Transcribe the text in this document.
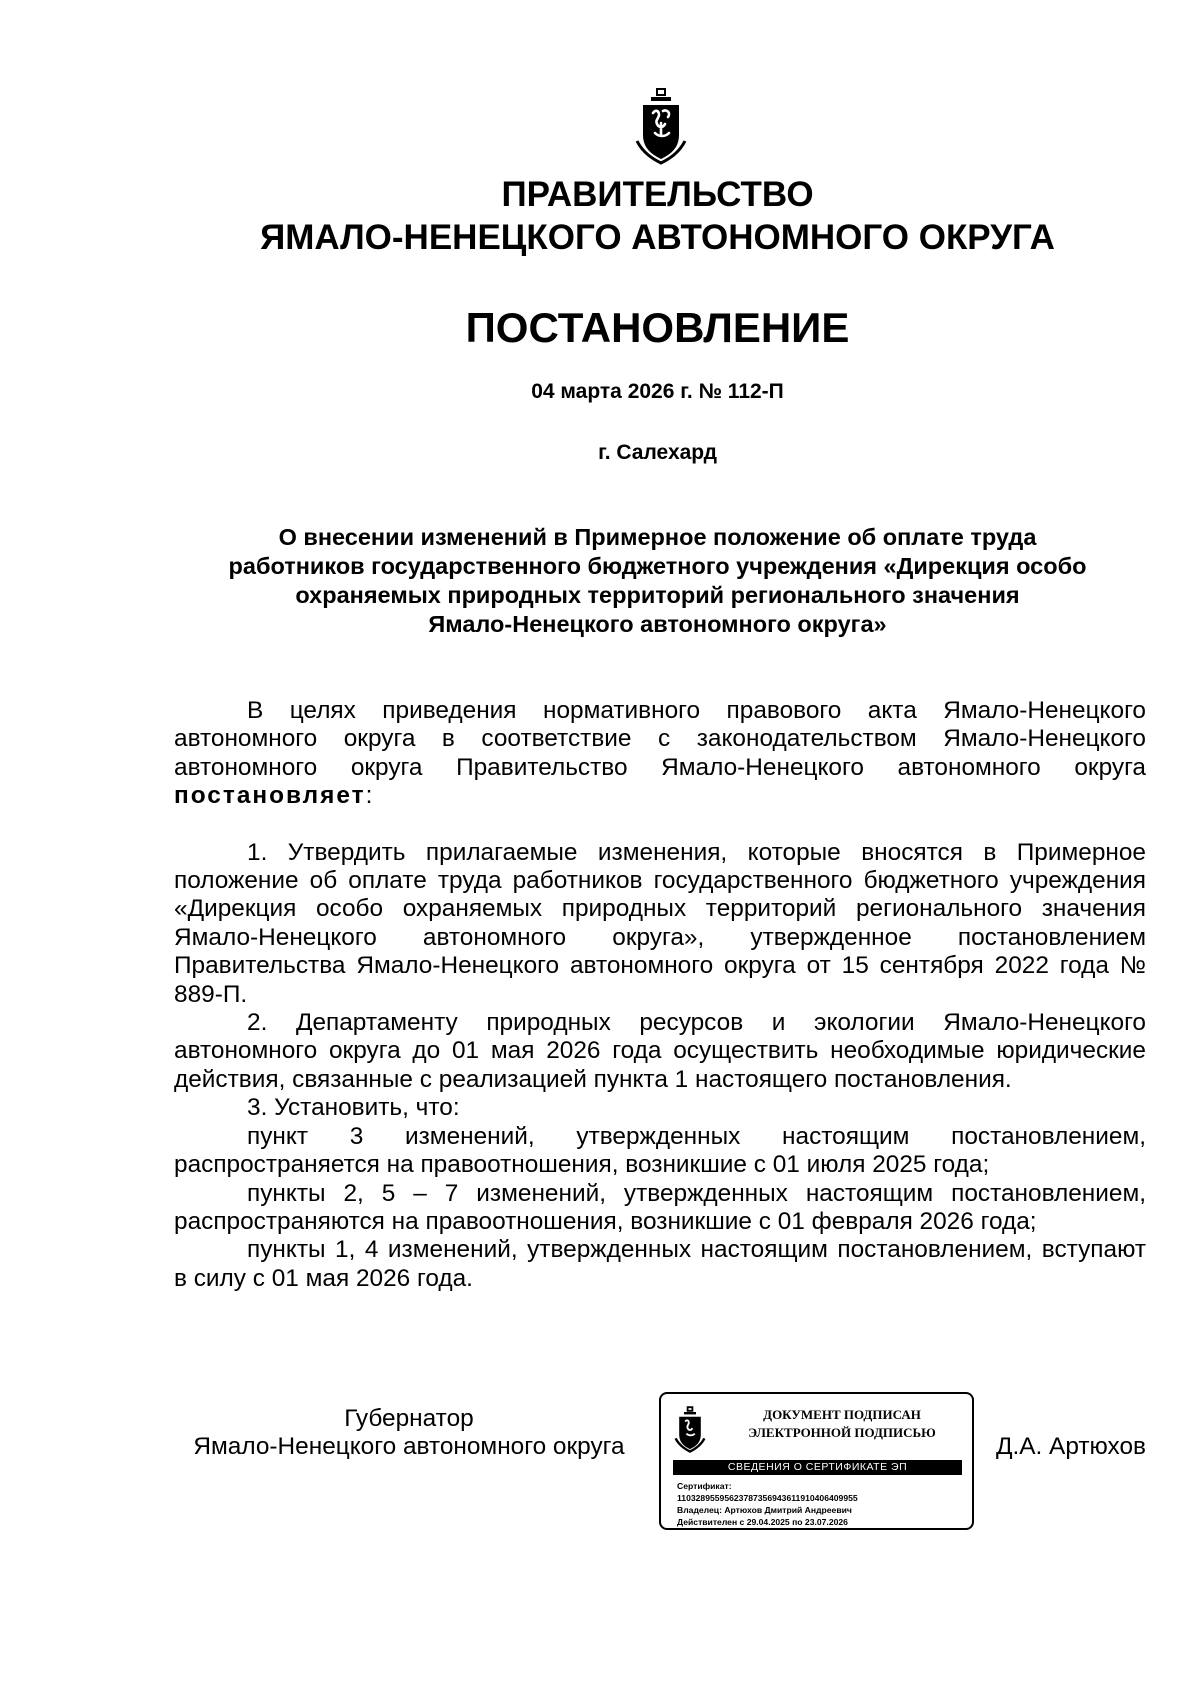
ПРАВИТЕЛЬСТВО
ЯМАЛО-НЕНЕЦКОГО АВТОНОМНОГО ОКРУГА
ПОСТАНОВЛЕНИЕ
04 марта 2026 г. № 112-П
г. Салехард
О внесении изменений в Примерное положение об оплате труда
работников государственного бюджетного учреждения «Дирекция особо
охраняемых природных территорий регионального значения
Ямало-Ненецкого автономного округа»

В целях приведения нормативного правового акта Ямало-Ненецкого автономного округа в соответствие с законодательством Ямало-Ненецкого автономного округа Правительство Ямало-Ненецкого автономного округа постановляет:

1. Утвердить прилагаемые изменения, которые вносятся в Примерное положение об оплате труда работников государственного бюджетного учреждения «Дирекция особо охраняемых природных территорий регионального значения Ямало-Ненецкого автономного округа», утвержденное постановлением Правительства Ямало-Ненецкого автономного округа от 15 сентября 2022 года № 889-П.

2. Департаменту природных ресурсов и экологии Ямало-Ненецкого автономного округа до 01 мая 2026 года осуществить необходимые юридические действия, связанные с реализацией пункта 1 настоящего постановления.

3. Установить, что:

пункт 3 изменений, утвержденных настоящим постановлением, распространяется на правоотношения, возникшие с 01 июля 2025 года;

пункты 2, 5 – 7 изменений, утвержденных настоящим постановлением, распространяются на правоотношения, возникшие с 01 февраля 2026 года;

пункты 1, 4 изменений, утвержденных настоящим постановлением, вступают в силу с 01 мая 2026 года.

Губернатор
Ямало-Ненецкого автономного округа
ДОКУМЕНТ ПОДПИСАН
ЭЛЕКТРОННОЙ ПОДПИСЬЮ
СВЕДЕНИЯ О СЕРТИФИКАТЕ ЭП
Сертификат:
11032895595623787356943611910406409955
Владелец: Артюхов Дмитрий Андреевич
Действителен с 29.04.2025 по 23.07.2026
Д.А. Артюхов
